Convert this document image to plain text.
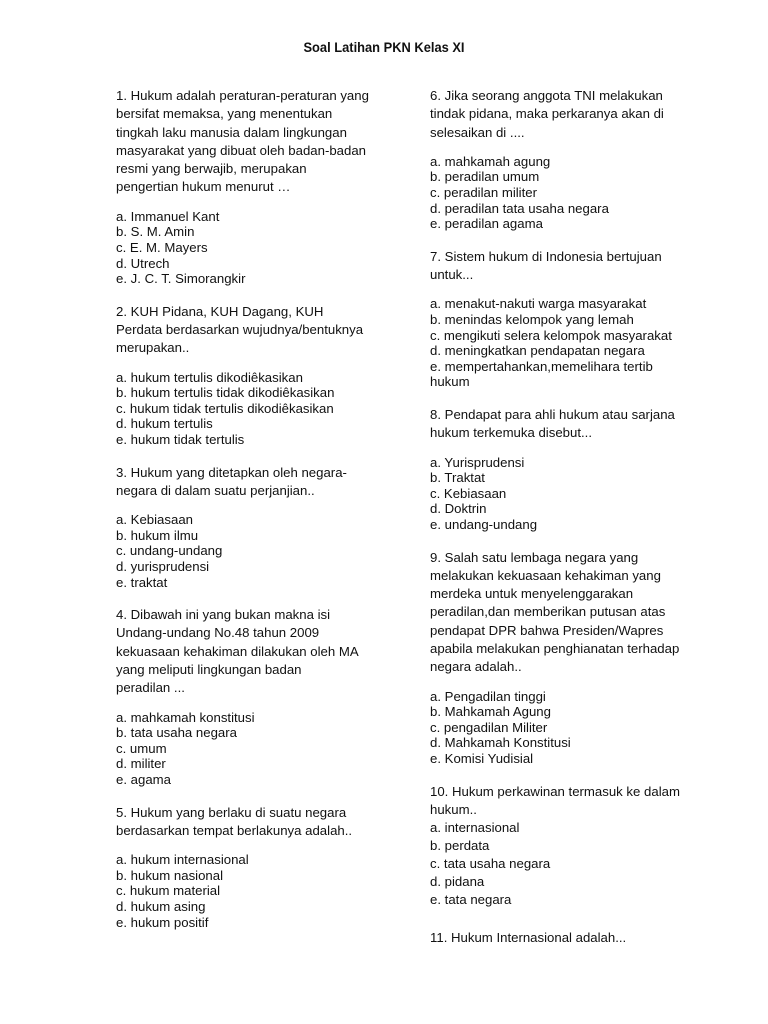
Soal Latihan PKN Kelas XI
1. Hukum adalah peraturan-peraturan yang
bersifat memaksa, yang menentukan
tingkah laku manusia dalam lingkungan
masyarakat yang dibuat oleh badan-badan
resmi yang berwajib, merupakan
pengertian hukum menurut …
a. Immanuel Kant
b. S. M. Amin
c. E. M. Mayers
d. Utrech
e. J. C. T. Simorangkir
2. KUH Pidana, KUH Dagang, KUH
Perdata berdasarkan wujudnya/bentuknya
merupakan..
a. hukum tertulis dikodiêkasikan
b. hukum tertulis tidak dikodiêkasikan
c. hukum tidak tertulis dikodiêkasikan
d. hukum tertulis
e. hukum tidak tertulis
3. Hukum yang ditetapkan oleh negara-
negara di dalam suatu perjanjian..
a. Kebiasaan
b. hukum ilmu
c. undang-undang
d. yurisprudensi
e. traktat
4. Dibawah ini yang bukan makna isi
Undang-undang No.48 tahun 2009
kekuasaan kehakiman dilakukan oleh MA
yang meliputi lingkungan badan
peradilan ...
a. mahkamah konstitusi
b. tata usaha negara
c. umum
d. militer
e. agama
5. Hukum yang berlaku di suatu negara
berdasarkan tempat berlakunya adalah..
a. hukum internasional
b. hukum nasional
c. hukum material
d. hukum asing
e. hukum positif
6. Jika seorang anggota TNI melakukan
tindak pidana, maka perkaranya akan di
selesaikan di ....
a. mahkamah agung
b. peradilan umum
c. peradilan militer
d. peradilan tata usaha negara
e. peradilan agama
7. Sistem hukum di Indonesia bertujuan
untuk...
a. menakut-nakuti warga masyarakat
b. menindas kelompok yang lemah
c. mengikuti selera kelompok masyarakat
d. meningkatkan pendapatan negara
e. mempertahankan,memelihara tertib
hukum
8. Pendapat para ahli hukum atau sarjana
hukum terkemuka disebut...
a. Yurisprudensi
b. Traktat
c. Kebiasaan
d. Doktrin
e. undang-undang
9. Salah satu lembaga negara yang
melakukan kekuasaan kehakiman yang
merdeka untuk menyelenggarakan
peradilan,dan memberikan putusan atas
pendapat DPR bahwa Presiden/Wapres
apabila melakukan penghianatan terhadap
negara adalah..
a. Pengadilan tinggi
b. Mahkamah Agung
c. pengadilan Militer
d. Mahkamah Konstitusi
e. Komisi Yudisial
10. Hukum perkawinan termasuk ke dalam
hukum..
a. internasional
b. perdata
c. tata usaha negara
d. pidana
e. tata negara
11. Hukum Internasional adalah...
